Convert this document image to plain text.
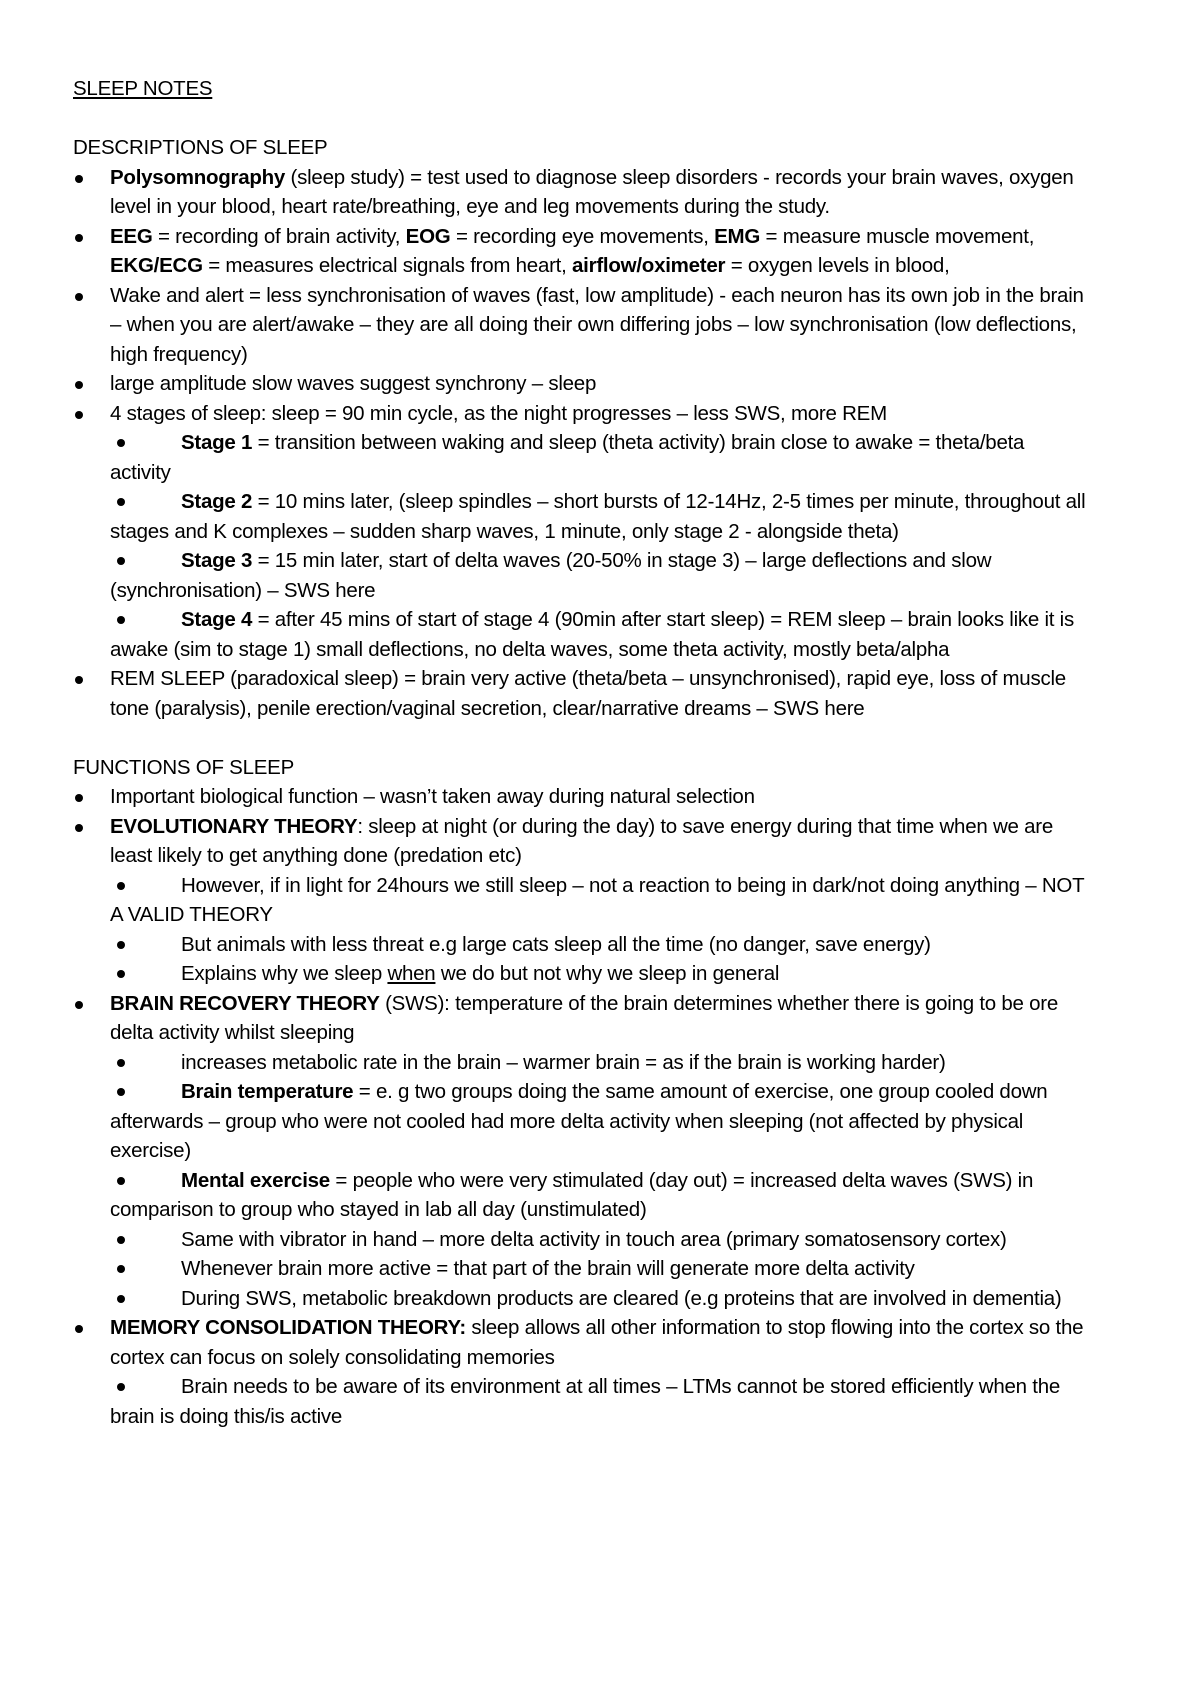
SLEEP NOTES

DESCRIPTIONS OF SLEEP

Polysomnography (sleep study) = test used to diagnose sleep disorders - records your brain waves, oxygen level in your blood, heart rate/breathing, eye and leg movements during the study.
EEG = recording of brain activity, EOG = recording eye movements, EMG = measure muscle movement, EKG/ECG = measures electrical signals from heart, airflow/oximeter = oxygen levels in blood,
Wake and alert = less synchronisation of waves (fast, low amplitude) - each neuron has its own job in the brain – when you are alert/awake – they are all doing their own differing jobs – low synchronisation (low deflections, high frequency)
large amplitude slow waves suggest synchrony – sleep
4 stages of sleep: sleep = 90 min cycle, as the night progresses – less SWS, more REM
Stage 1 = transition between waking and sleep (theta activity) brain close to awake = theta/beta activity
Stage 2 = 10 mins later, (sleep spindles – short bursts of 12-14Hz, 2-5 times per minute, throughout all stages and K complexes – sudden sharp waves, 1 minute, only stage 2 - alongside theta)
Stage 3 = 15 min later, start of delta waves (20-50% in stage 3) – large deflections and slow (synchronisation) – SWS here
Stage 4 = after 45 mins of start of stage 4 (90min after start sleep) = REM sleep – brain looks like it is awake (sim to stage 1) small deflections, no delta waves, some theta activity, mostly beta/alpha
REM SLEEP (paradoxical sleep) = brain very active (theta/beta – unsynchronised), rapid eye, loss of muscle tone (paralysis), penile erection/vaginal secretion, clear/narrative dreams – SWS here

FUNCTIONS OF SLEEP

Important biological function – wasn’t taken away during natural selection
EVOLUTIONARY THEORY: sleep at night (or during the day) to save energy during that time when we are least likely to get anything done (predation etc)
However, if in light for 24hours we still sleep – not a reaction to being in dark/not doing anything – NOT A VALID THEORY
But animals with less threat e.g large cats sleep all the time (no danger, save energy)
Explains why we sleep when we do but not why we sleep in general
BRAIN RECOVERY THEORY (SWS): temperature of the brain determines whether there is going to be ore delta activity whilst sleeping
increases metabolic rate in the brain – warmer brain = as if the brain is working harder)
Brain temperature = e. g two groups doing the same amount of exercise, one group cooled down afterwards – group who were not cooled had more delta activity when sleeping (not affected by physical exercise)
Mental exercise = people who were very stimulated (day out) = increased delta waves (SWS) in comparison to group who stayed in lab all day (unstimulated)
Same with vibrator in hand – more delta activity in touch area (primary somatosensory cortex)
Whenever brain more active = that part of the brain will generate more delta activity
During SWS, metabolic breakdown products are cleared (e.g proteins that are involved in dementia)
MEMORY CONSOLIDATION THEORY: sleep allows all other information to stop flowing into the cortex so the cortex can focus on solely consolidating memories
Brain needs to be aware of its environment at all times – LTMs cannot be stored efficiently when the brain is doing this/is active
